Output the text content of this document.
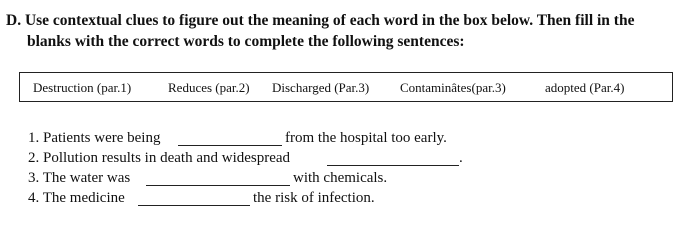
D. Use contextual clues to figure out the meaning of each word in the box below. Then fill in the
blanks with the correct words to complete the following sentences:
Destruction (par.1)	Reduces (par.2) Discharged (Par.3) Contaminâtes(par.3)	adopted (Par.4)
1. Patients were being	from the hospital too early.
2. Pollution results in death and widespread	.
3. The water was	with chemicals.
4. The medicine	the risk of infection.
